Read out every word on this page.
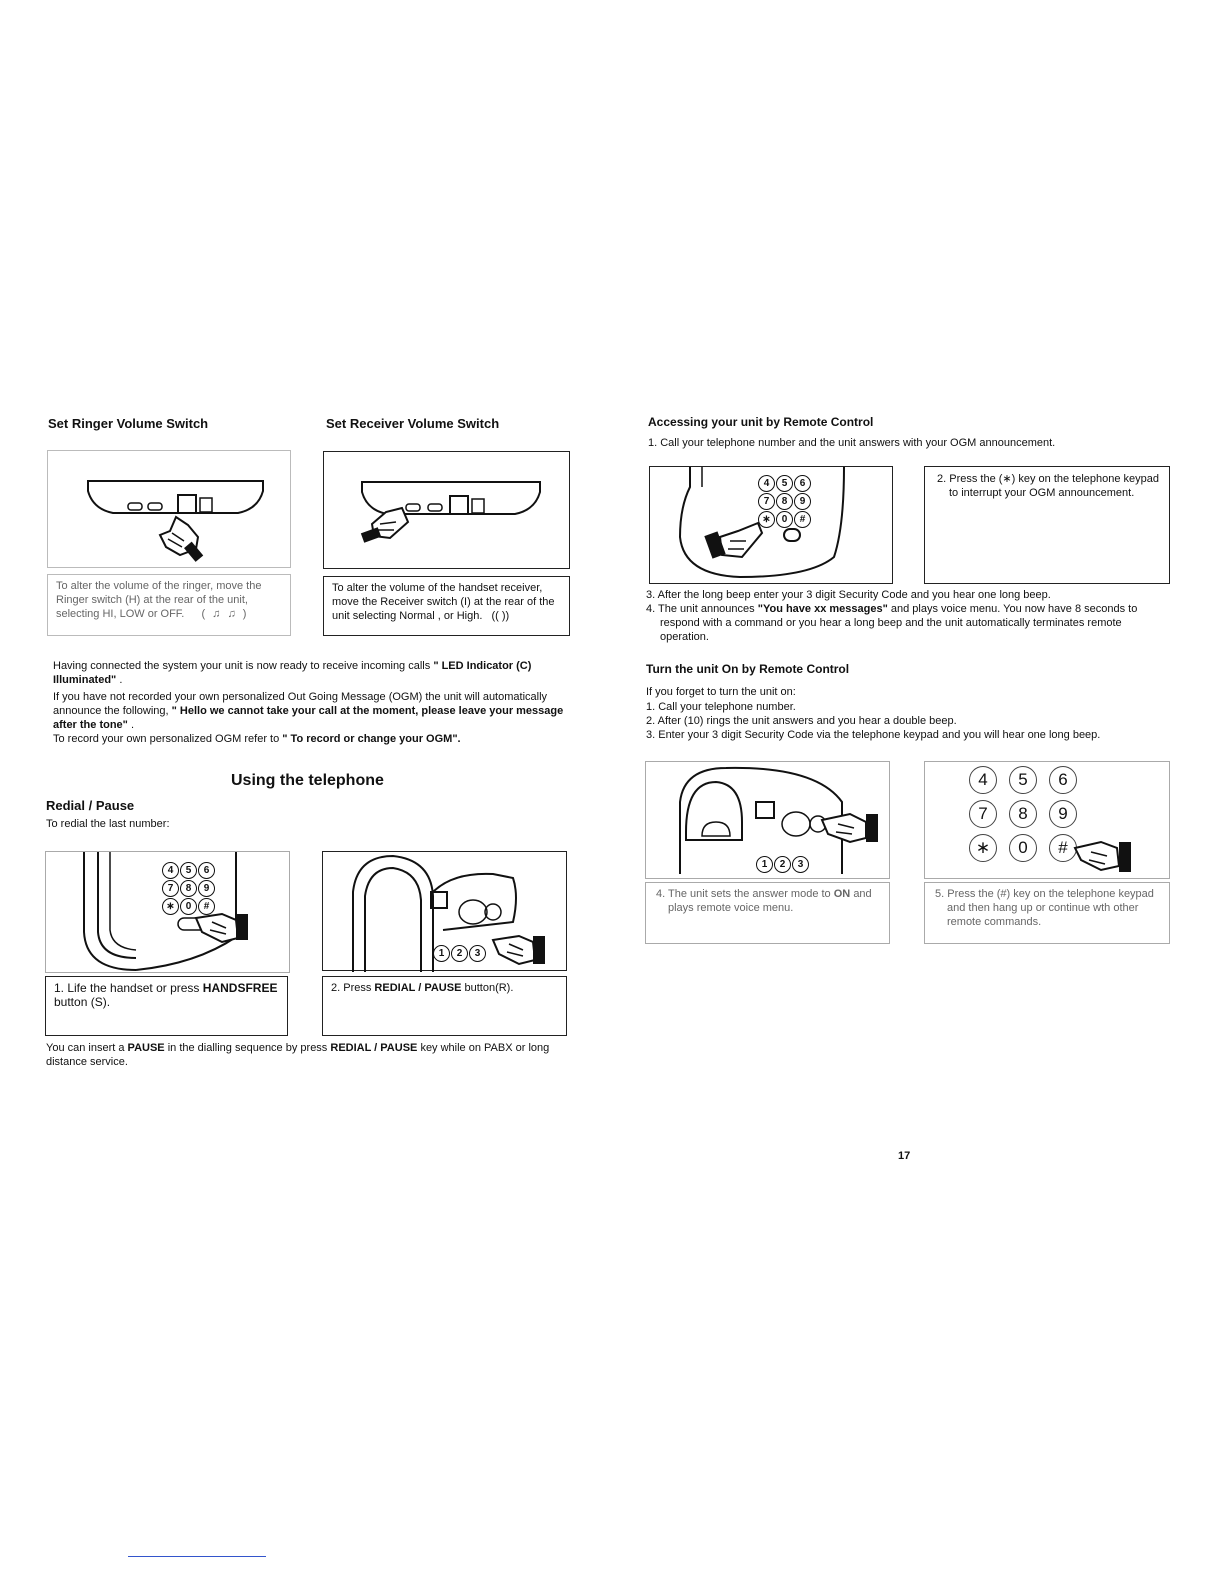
Set Ringer Volume Switch	Set Receiver Volume Switch
To alter the volume of the ringer, move the Ringer switch (H) at the rear of the unit, selecting HI, LOW or OFF. ( ♫ ♫ )
To alter the volume of the handset receiver, move the Receiver switch (I) at the rear of the unit selecting Normal , or High. (( ))
Having connected the system your unit is now ready to receive incoming calls " LED Indicator (C) Illuminated" .
If you have not recorded your own personalized Out Going Message (OGM) the unit will automatically announce the following, " Hello we cannot take your call at the moment, please leave your message after the tone" .
To record your own personalized OGM refer to " To record or change your OGM".
Using the telephone
Redial / Pause
To redial the last number:
4	5	6
7	8	9
∗	0	#
1. Life the handset or press HANDSFREE button (S).
1	2	3
2. Press REDIAL / PAUSE button(R).
You can insert a PAUSE in the dialling sequence by press REDIAL / PAUSE key while on PABX or long distance service.
Accessing your unit by Remote Control
1. Call your telephone number and the unit answers with your OGM announcement.
4	5	6
7	8	9
∗	0	#
2. Press the (∗) key on the telephone keypad to interrupt your OGM announcement.
3. After the long beep enter your 3 digit Security Code and you hear one long beep.
4. The unit announces "You have xx messages" and plays voice menu. You now have 8 seconds to respond with a command or you hear a long beep and the unit automatically terminates remote operation.
Turn the unit On by Remote Control
If you forget to turn the unit on:
1. Call your telephone number.
2. After (10) rings the unit answers and you hear a double beep.
3. Enter your 3 digit Security Code via the telephone keypad and you will hear one long beep.
1	2	3
4. The unit sets the answer mode to ON and plays remote voice menu.
4	5	6
7	8	9
∗	0	#
5. Press the (#) key on the telephone keypad and then hang up or continue wth other remote commands.
17
